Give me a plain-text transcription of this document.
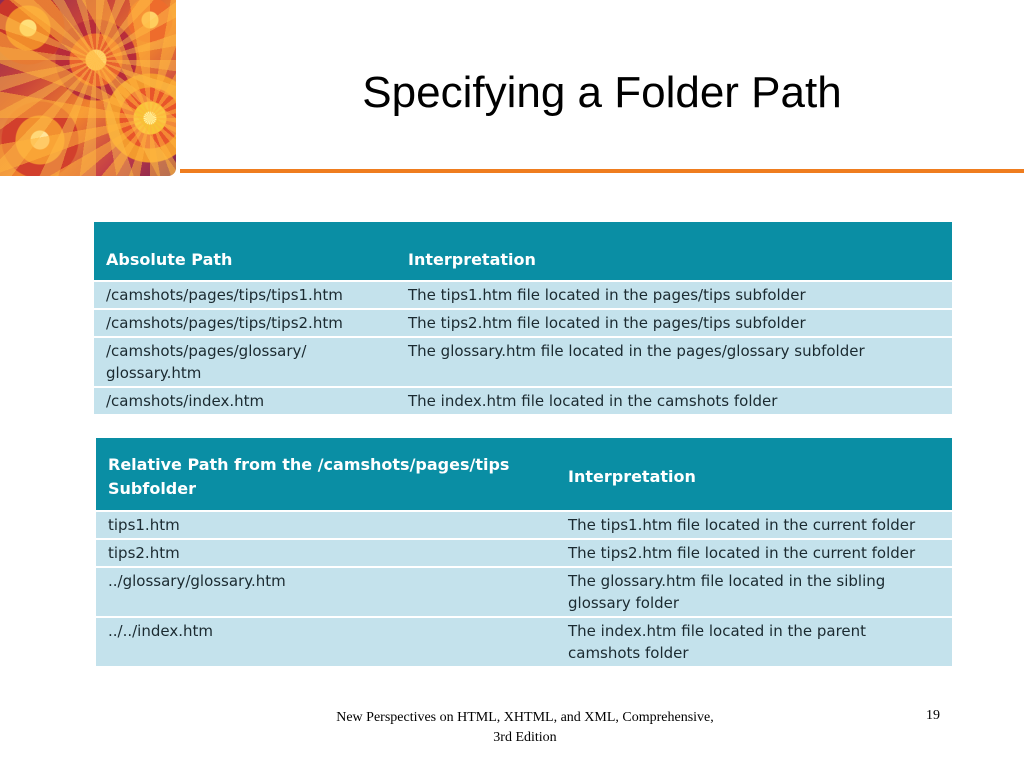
Specifying a Folder Path
Absolute Path	Interpretation
/camshots/pages/tips/tips1.htm	The tips1.htm file located in the pages/tips subfolder
/camshots/pages/tips/tips2.htm	The tips2.htm file located in the pages/tips subfolder
/camshots/pages/glossary/ glossary.htm	The glossary.htm file located in the pages/glossary subfolder
/camshots/index.htm	The index.htm file located in the camshots folder
Relative Path from the /camshots/pages/tips Subfolder	Interpretation
tips1.htm	The tips1.htm file located in the current folder
tips2.htm	The tips2.htm file located in the current folder
../glossary/glossary.htm	The glossary.htm file located in the sibling glossary folder
../../index.htm	The index.htm file located in the parent camshots folder

New Perspectives on HTML, XHTML, and XML, Comprehensive, 3rd Edition

19
